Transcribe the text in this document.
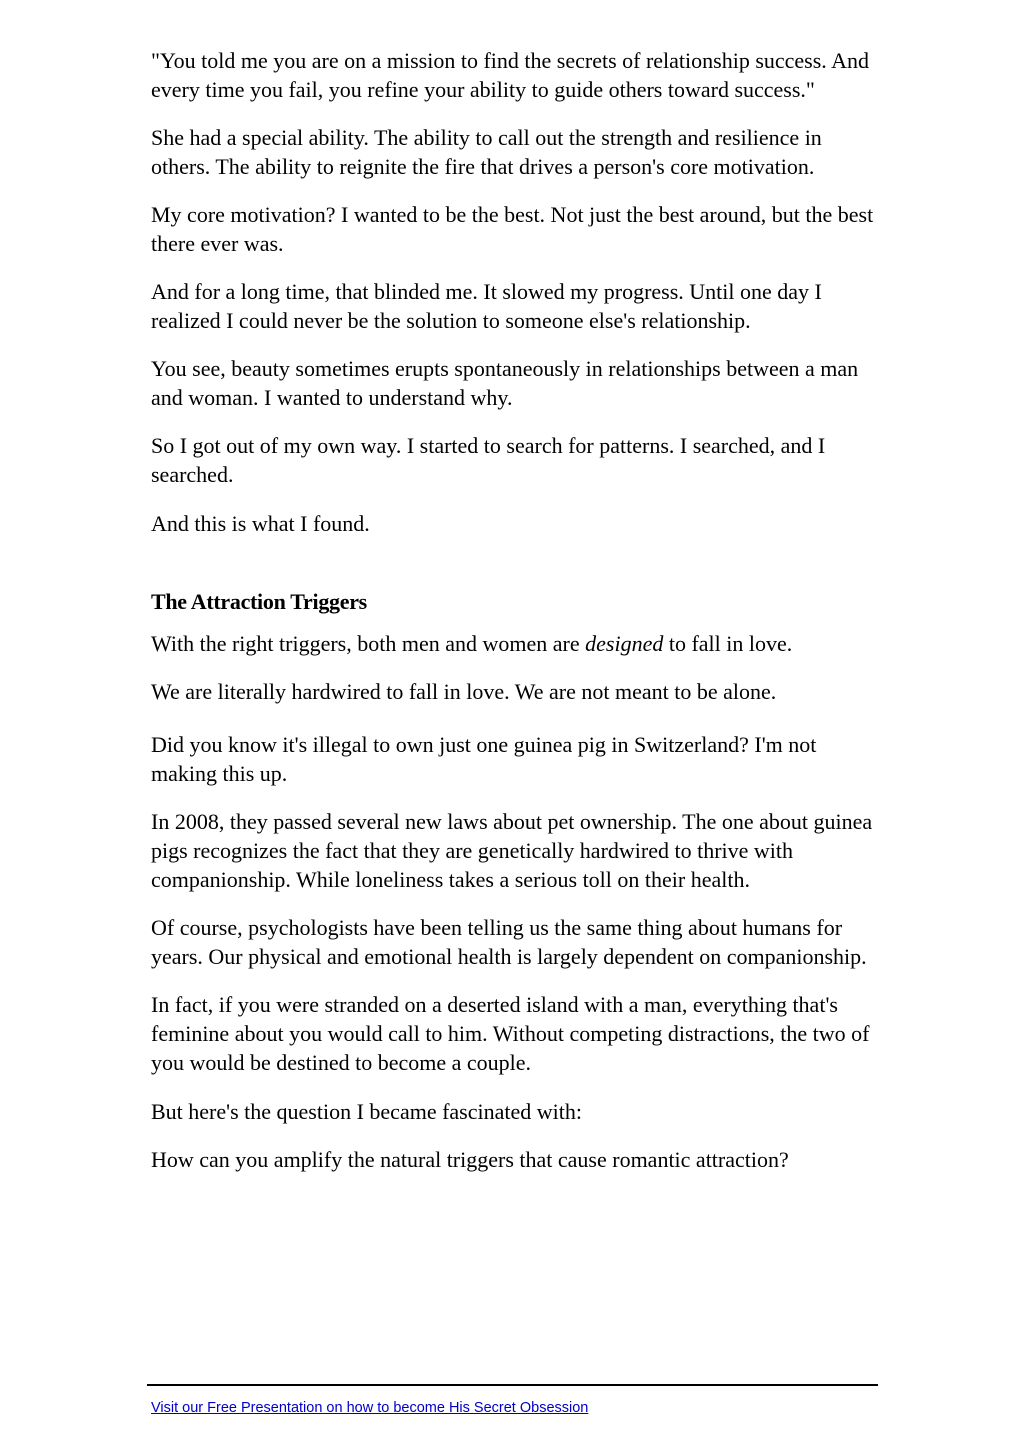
"You told me you are on a mission to find the secrets of relationship success. And every time you fail, you refine your ability to guide others toward success."

She had a special ability. The ability to call out the strength and resilience in others. The ability to reignite the fire that drives a person's core motivation.

My core motivation? I wanted to be the best. Not just the best around, but the best there ever was.

And for a long time, that blinded me. It slowed my progress. Until one day I realized I could never be the solution to someone else's relationship.

You see, beauty sometimes erupts spontaneously in relationships between a man and woman. I wanted to understand why.

So I got out of my own way. I started to search for patterns. I searched, and I searched.

And this is what I found.

The Attraction Triggers

With the right triggers, both men and women are designed to fall in love.

We are literally hardwired to fall in love. We are not meant to be alone.

Did you know it's illegal to own just one guinea pig in Switzerland? I'm not making this up.

In 2008, they passed several new laws about pet ownership. The one about guinea pigs recognizes the fact that they are genetically hardwired to thrive with companionship. While loneliness takes a serious toll on their health.

Of course, psychologists have been telling us the same thing about humans for years. Our physical and emotional health is largely dependent on companionship.

In fact, if you were stranded on a deserted island with a man, everything that's feminine about you would call to him. Without competing distractions, the two of you would be destined to become a couple.

But here's the question I became fascinated with:

How can you amplify the natural triggers that cause romantic attraction?

Visit our Free Presentation on how to become His Secret Obsession
